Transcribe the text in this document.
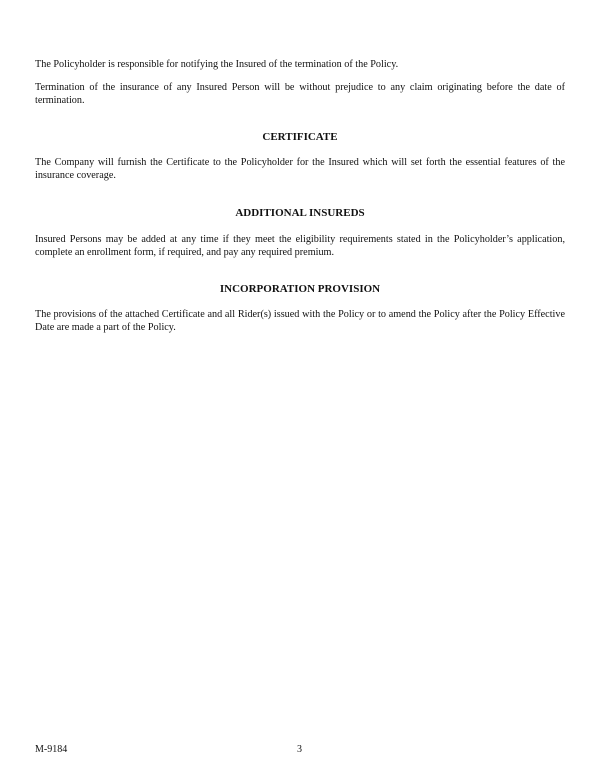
The Policyholder is responsible for notifying the Insured of the termination of the Policy.

Termination of the insurance of any Insured Person will be without prejudice to any claim originating before the date of termination.

CERTIFICATE

The Company will furnish the Certificate to the Policyholder for the Insured which will set forth the essential features of the insurance coverage.

ADDITIONAL INSUREDS

Insured Persons may be added at any time if they meet the eligibility requirements stated in the Policyholder’s application, complete an enrollment form, if required, and pay any required premium.

INCORPORATION PROVISION

The provisions of the attached Certificate and all Rider(s) issued with the Policy or to amend the Policy after the Policy Effective Date are made a part of the Policy.

M-9184	3
